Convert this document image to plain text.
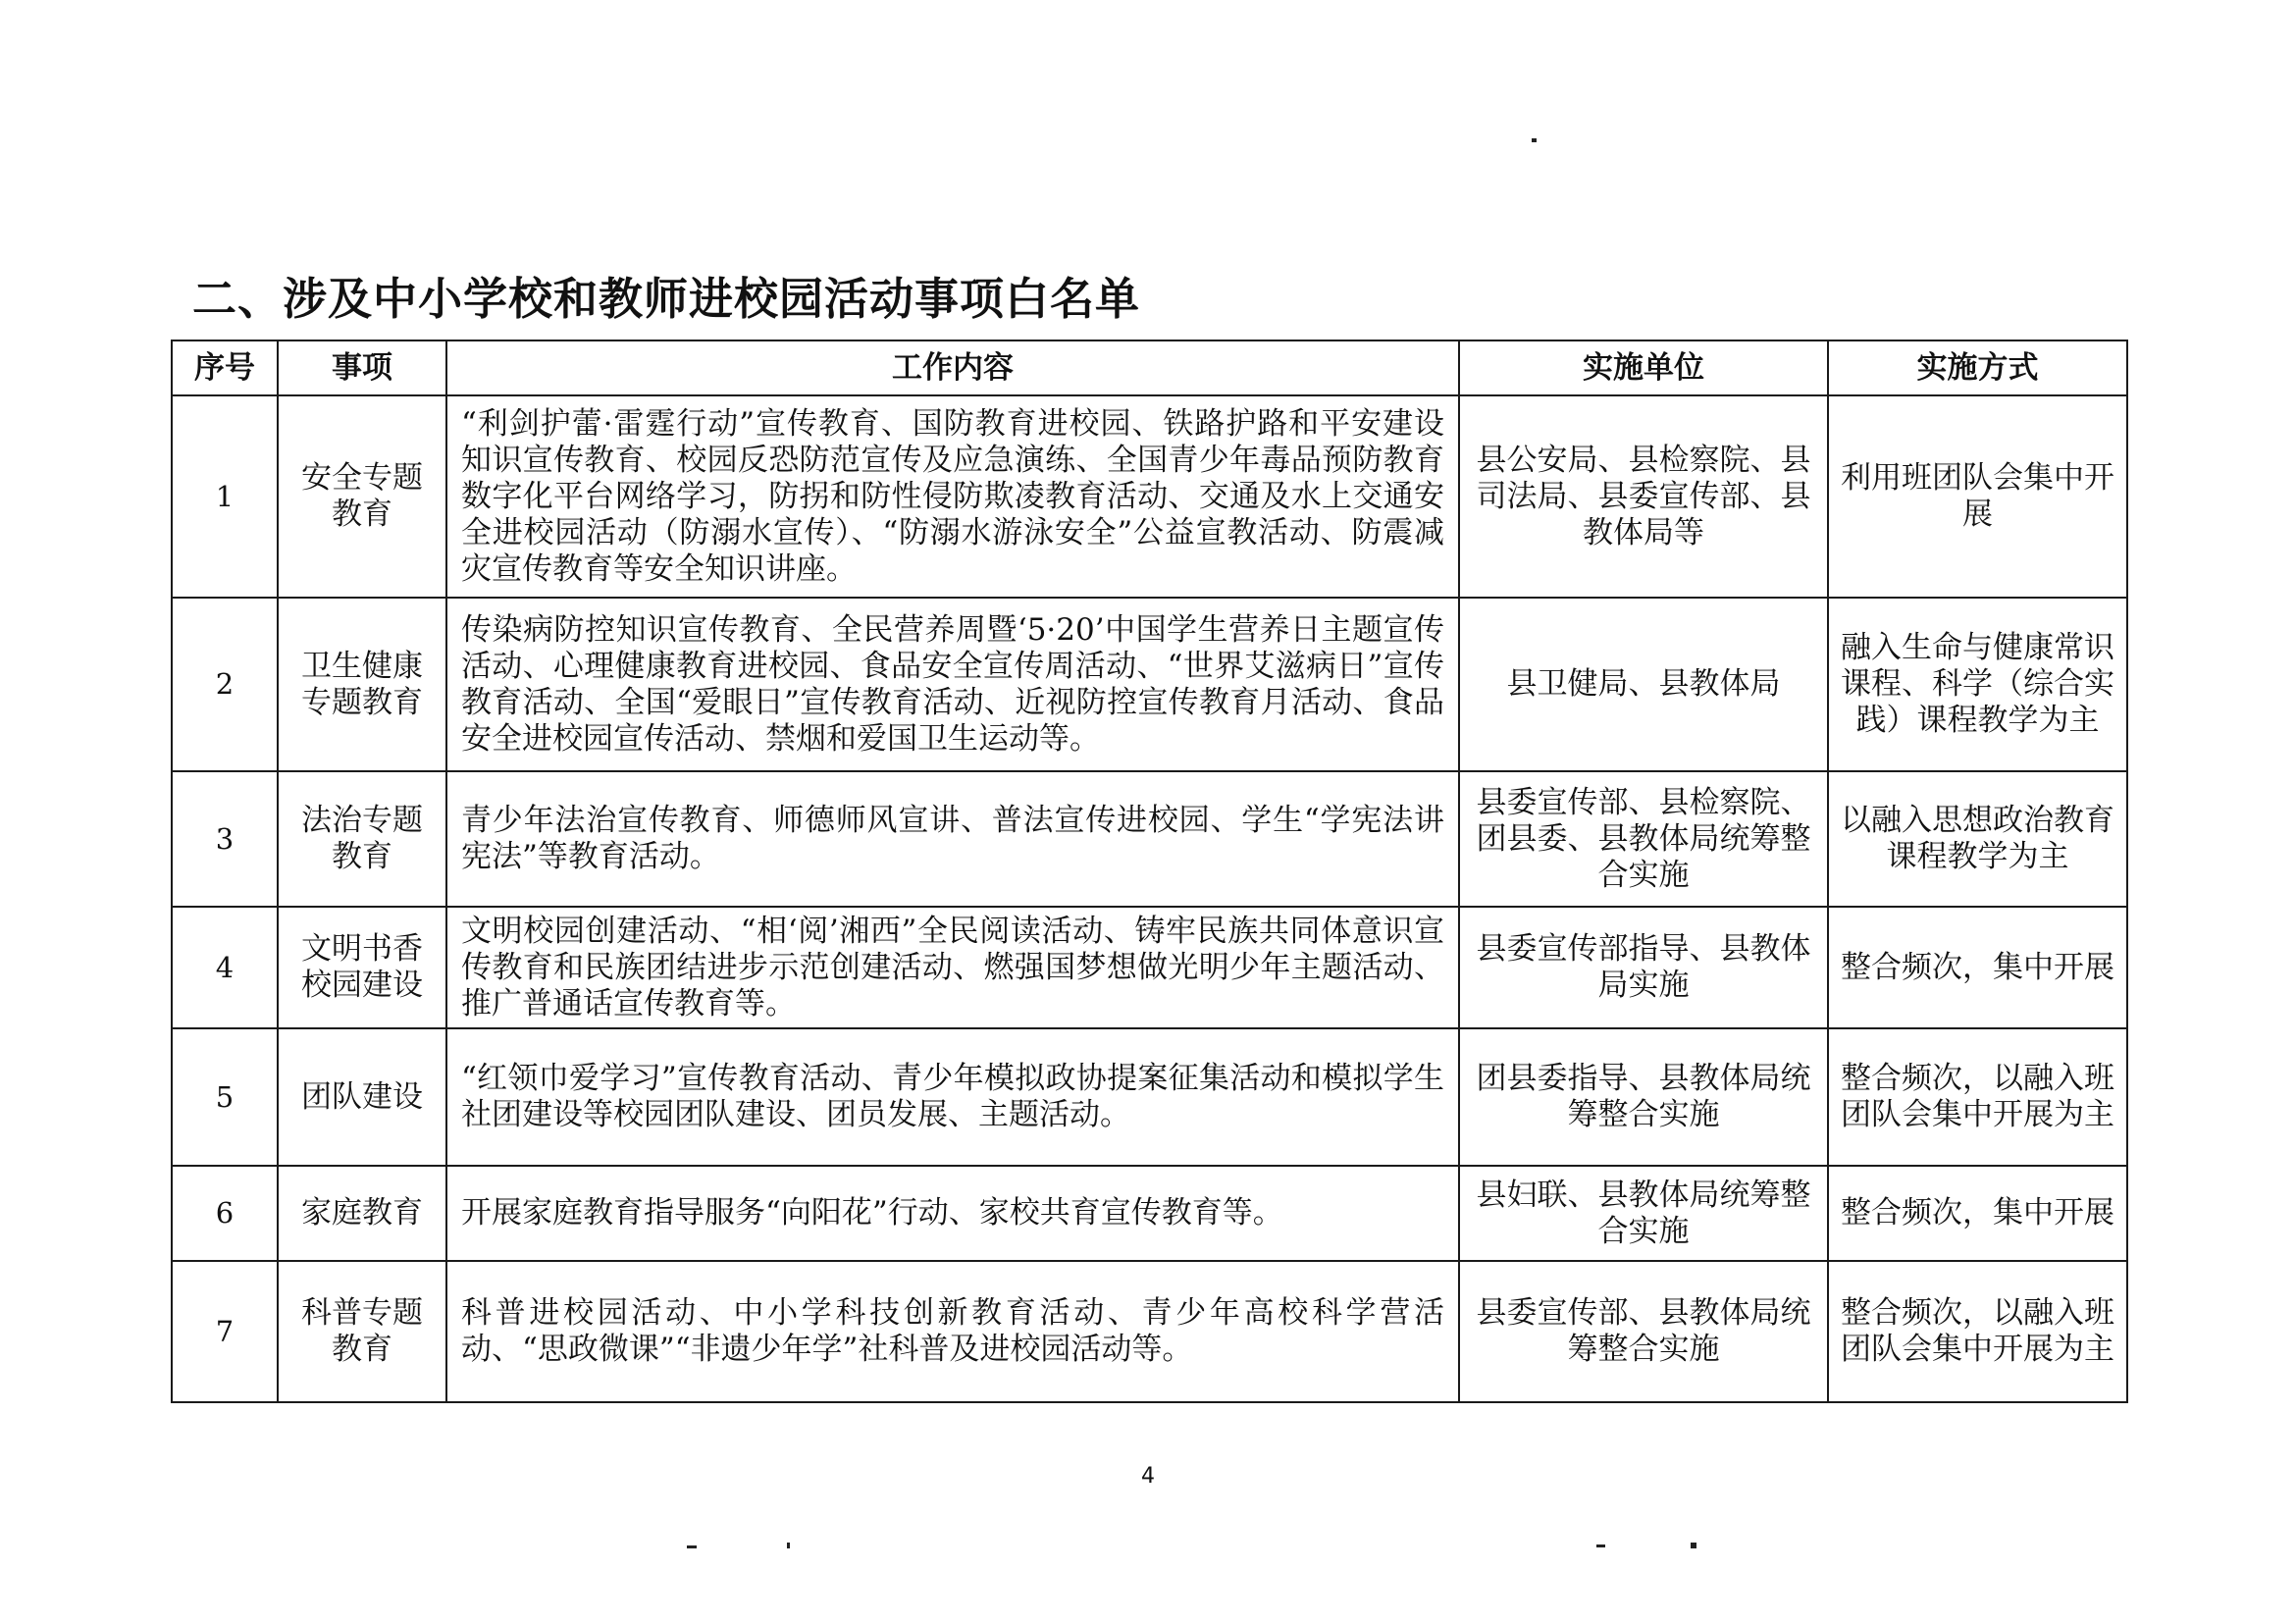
二、涉及中小学校和教师进校园活动事项白名单
序号	事项	工作内容	实施单位	实施方式
1	安全专题教育	“利剑护蕾·雷霆行动”宣传教育、国防教育进校园、铁路护路和平安建设知识宣传教育、校园反恐防范宣传及应急演练、全国青少年毒品预防教育数字化平台网络学习，防拐和防性侵防欺凌教育活动、交通及水上交通安全进校园活动（防溺水宣传）、“防溺水游泳安全”公益宣教活动、防震减灾宣传教育等安全知识讲座。	县公安局、县检察院、县司法局、县委宣传部、县教体局等	利用班团队会集中开展
2	卫生健康专题教育	传染病防控知识宣传教育、全民营养周暨‘5·20’中国学生营养日主题宣传活动、心理健康教育进校园、食品安全宣传周活动、“世界艾滋病日”宣传教育活动、全国“爱眼日”宣传教育活动、近视防控宣传教育月活动、食品安全进校园宣传活动、禁烟和爱国卫生运动等。	县卫健局、县教体局	融入生命与健康常识课程、科学（综合实践）课程教学为主
3	法治专题教育	青少年法治宣传教育、师德师风宣讲、普法宣传进校园、学生“学宪法讲宪法”等教育活动。	县委宣传部、县检察院、团县委、县教体局统筹整合实施	以融入思想政治教育课程教学为主
4	文明书香校园建设	文明校园创建活动、“相‘阅’湘西”全民阅读活动、铸牢民族共同体意识宣传教育和民族团结进步示范创建活动、燃强国梦想做光明少年主题活动、推广普通话宣传教育等。	县委宣传部指导、县教体局实施	整合频次，集中开展
5	团队建设	“红领巾爱学习”宣传教育活动、青少年模拟政协提案征集活动和模拟学生社团建设等校园团队建设、团员发展、主题活动。	团县委指导、县教体局统筹整合实施	整合频次，以融入班团队会集中开展为主
6	家庭教育	开展家庭教育指导服务“向阳花”行动、家校共育宣传教育等。	县妇联、县教体局统筹整合实施	整合频次，集中开展
7	科普专题教育	科普进校园活动、中小学科技创新教育活动、青少年高校科学营活动、“思政微课”“非遗少年学”社科普及进校园活动等。	县委宣传部、县教体局统筹整合实施	整合频次，以融入班团队会集中开展为主
4
